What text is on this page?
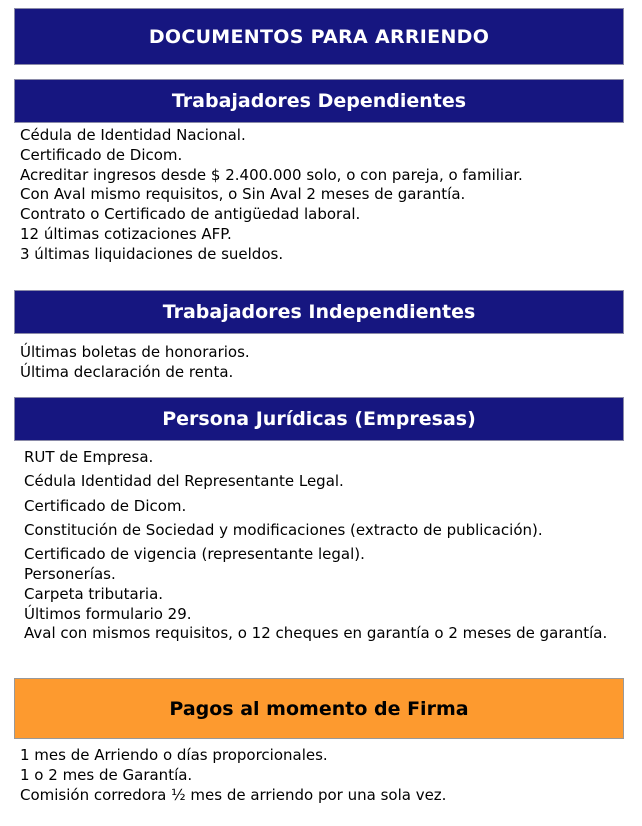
DOCUMENTOS PARA ARRIENDO
Trabajadores Dependientes
Cédula de Identidad Nacional.
Certificado de Dicom.
Acreditar ingresos desde $ 2.400.000 solo, o con pareja, o familiar.
Con Aval mismo requisitos, o Sin Aval 2 meses de garantía.
Contrato o Certificado de antigüedad laboral.
12 últimas cotizaciones AFP.
3 últimas liquidaciones de sueldos.
Trabajadores Independientes
Últimas boletas de honorarios.
Última declaración de renta.
Persona Jurídicas (Empresas)
RUT de Empresa.
Cédula Identidad del Representante Legal.
Certificado de Dicom.
Constitución de Sociedad y modificaciones (extracto de publicación).
Certificado de vigencia (representante legal).
Personerías.
Carpeta tributaria.
Últimos formulario 29.
Aval con mismos requisitos, o 12 cheques en garantía o 2 meses de garantía.
Pagos al momento de Firma
1 mes de Arriendo o días proporcionales.
1 o 2 mes de Garantía.
Comisión corredora ½ mes de arriendo por una sola vez.
